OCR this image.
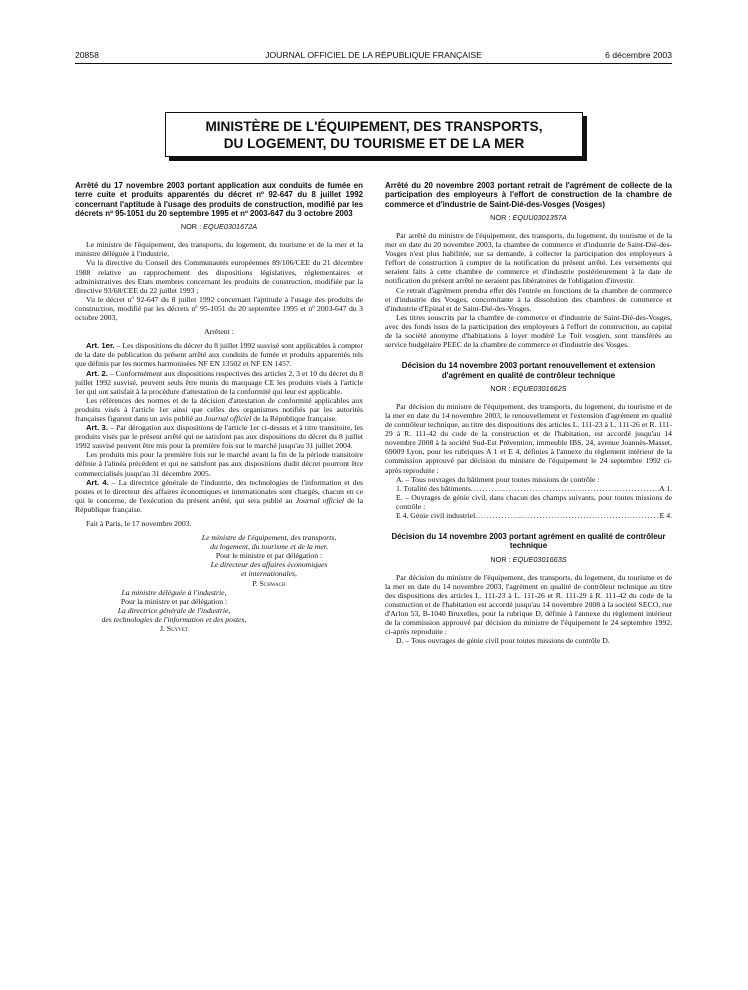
20858	JOURNAL OFFICIEL DE LA RÉPUBLIQUE FRANÇAISE	6 décembre 2003
MINISTÈRE DE L'ÉQUIPEMENT, DES TRANSPORTS,
DU LOGEMENT, DU TOURISME ET DE LA MER

Arrêté du 17 novembre 2003 portant application aux conduits de fumée en terre cuite et produits apparentés du décret nº 92-647 du 8 juillet 1992 concernant l'aptitude à l'usage des produits de construction, modifié par les décrets nº 95-1051 du 20 septembre 1995 et nº 2003-647 du 3 octobre 2003

NOR : EQUE0301672A

Le ministre de l'équipement, des transports, du logement, du tourisme et de la mer et la ministre déléguée à l'industrie,

Vu la directive du Conseil des Communautés européennes 89/106/CEE du 21 décembre 1988 relative au rapprochement des dispositions législatives, réglementaires et administratives des Etats membres concernant les produits de construction, modifiée par la directive 93/68/CEE du 22 juillet 1993 ;

Vu le décret nº 92-647 du 8 juillet 1992 concernant l'aptitude à l'usage des produits de construction, modifié par les décrets nº 95-1051 du 20 septembre 1995 et nº 2003-647 du 3 octobre 2003,

Arrêtent :

Art. 1er. – Les dispositions du décret du 8 juillet 1992 susvisé sont applicables à compter de la date de publication du présent arrêté aux conduits de fumée et produits apparentés tels que définis par les normes harmonisées NF EN 13502 et NF EN 1457.

Art. 2. – Conformément aux dispositions respectives des articles 2, 3 et 10 du décret du 8 juillet 1992 susvisé, peuvent seuls être munis du marquage CE les produits visés à l'article 1er qui ont satisfait à la procédure d'attestation de la conformité qui leur est applicable.

Les références des normes et de la décision d'attestation de conformité applicables aux produits visés à l'article 1er ainsi que celles des organismes notifiés par les autorités françaises figurent dans un avis publié au Journal officiel de la République française.

Art. 3. – Par dérogation aux dispositions de l'article 1er ci-dessus et à titre transitoire, les produits visés par le présent arrêté qui ne satisfont pas aux dispositions du décret du 8 juillet 1992 susvisé peuvent être mis pour la première fois sur le marché jusqu'au 31 juillet 2004.

Les produits mis pour la première fois sur le marché avant la fin de la période transitoire définie à l'alinéa précédent et qui ne satisfont pas aux dispositions dudit décret pourront être commercialisés jusqu'au 31 décembre 2005.

Art. 4. – La directrice générale de l'industrie, des technologies de l'information et des postes et le directeur des affaires économiques et internationales sont chargés, chacun en ce qui le concerne, de l'exécution du présent arrêté, qui sera publié au Journal officiel de la République française.

Fait à Paris, le 17 novembre 2003.

Le ministre de l'équipement, des transports,

du logement, du tourisme et de la mer,

Pour le ministre et par délégation :

Le directeur des affaires économiques

et internationales,

P. Schwach

La ministre déléguée à l'industrie,

Pour la ministre et par délégation :

La directrice générale de l'industrie,

des technologies de l'information et des postes,

J. Suyvet

Arrêté du 20 novembre 2003 portant retrait de l'agrément de collecte de la participation des employeurs à l'effort de construction de la chambre de commerce et d'industrie de Saint-Dié-des-Vosges (Vosges)

NOR : EQUU0301357A

Par arrêté du ministre de l'équipement, des transports, du logement, du tourisme et de la mer en date du 20 novembre 2003, la chambre de commerce et d'industrie de Saint-Dié-des-Vosges n'est plus habilitée, sur sa demande, à collecter la participation des employeurs à l'effort de construction à compter de la notification du présent arrêté. Les versements qui seraient faits à cette chambre de commerce et d'industrie postérieurement à la date de notification du présent arrêté ne seraient pas libératoires de l'obligation d'investir.

Ce retrait d'agrément prendra effet dès l'entrée en fonctions de la chambre de commerce et d'industrie des Vosges, concomitante à la dissolution des chambres de commerce et d'industrie d'Epinal et de Saint-Dié-des-Vosges.

Les titres souscrits par la chambre de commerce et d'industrie de Saint-Dié-des-Vosges, avec des fonds issus de la participation des employeurs à l'effort de construction, au capital de la société anonyme d'habitations à loyer modéré Le Toit vosgien, sont transférés au service budgétaire PEEC de la chambre de commerce et d'industrie des Vosges.

Décision du 14 novembre 2003 portant renouvellement et extension d'agrément en qualité de contrôleur technique

NOR : EQUE0301662S

Par décision du ministre de l'équipement, des transports, du logement, du tourisme et de la mer en date du 14 novembre 2003, le renouvellement et l'extension d'agrément en qualité de contrôleur technique, au titre des dispositions des articles L. 111-23 à L. 111-26 et R. 111-29 à R. 111-42 du code de la construction et de l'habitation, est accordé jusqu'au 14 novembre 2008 à la société Sud-Est Prévention, immeuble IBS, 24, avenue Joannès-Masset, 69009 Lyon, pour les rubriques A 1 et E 4, définies à l'annexe du règlement intérieur de la commission approuvé par décision du ministre de l'équipement le 24 septembre 1992 ci-après reproduite :

A. – Tous ouvrages du bâtiment pour toutes missions de contrôle :

1. Totalité des bâtiments .....	A 1.

E. – Ouvrages de génie civil, dans chacun des champs suivants, pour toutes missions de contrôle :

E 4. Génie civil industriel .....	E 4.

Décision du 14 novembre 2003 portant agrément en qualité de contrôleur technique

NOR : EQUE0301663S

Par décision du ministre de l'équipement, des transports, du logement, du tourisme et de la mer en date du 14 novembre 2003, l'agrément en qualité de contrôleur technique au titre des dispositions des articles L. 111-23 à L. 111-26 et R. 111-29 à R. 111-42 du code de la construction et de l'habitation est accordé jusqu'au 14 novembre 2008 à la société SECO, rue d'Arlon 53, B-1040 Bruxelles, pour la rubrique D, définie à l'annexe du règlement intérieur de la commission approuvé par décision du ministre de l'équipement le 24 septembre 1992, ci-après reproduite :

D. – Tous ouvrages de génie civil pour toutes missions de contrôle D.
